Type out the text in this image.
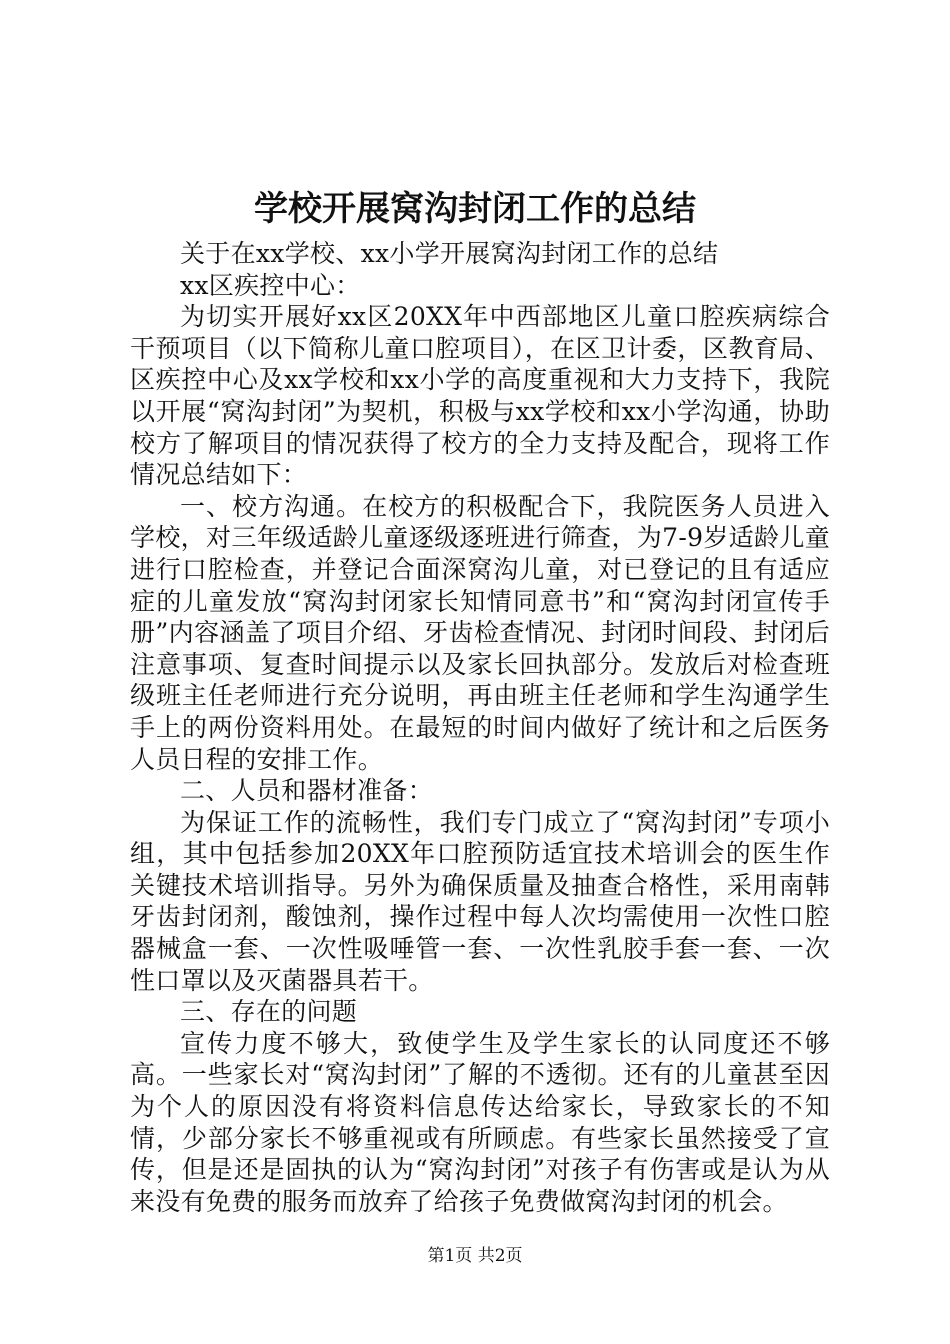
学校开展窝沟封闭工作的总结

关于在xx学校、xx小学开展窝沟封闭工作的总结

xx区疾控中心：

为切实开展好xx区20XX年中西部地区儿童口腔疾病综合干预项目（以下简称儿童口腔项目），在区卫计委，区教育局、区疾控中心及xx学校和xx小学的高度重视和大力支持下，我院以开展“窝沟封闭”为契机，积极与xx学校和xx小学沟通，协助校方了解项目的情况获得了校方的全力支持及配合，现将工作情况总结如下：

一、校方沟通。在校方的积极配合下，我院医务人员进入学校，对三年级适龄儿童逐级逐班进行筛查，为7-9岁适龄儿童进行口腔检查，并登记合面深窝沟儿童，对已登记的且有适应症的儿童发放“窝沟封闭家长知情同意书”和“窝沟封闭宣传手册”内容涵盖了项目介绍、牙齿检查情况、封闭时间段、封闭后注意事项、复查时间提示以及家长回执部分。发放后对检查班级班主任老师进行充分说明，再由班主任老师和学生沟通学生手上的两份资料用处。在最短的时间内做好了统计和之后医务人员日程的安排工作。

二、人员和器材准备：

为保证工作的流畅性，我们专门成立了“窝沟封闭”专项小组，其中包括参加20XX年口腔预防适宜技术培训会的医生作关键技术培训指导。另外为确保质量及抽查合格性，采用南韩牙齿封闭剂，酸蚀剂，操作过程中每人次均需使用一次性口腔器械盒一套、一次性吸唾管一套、一次性乳胶手套一套、一次性口罩以及灭菌器具若干。

三、存在的问题

宣传力度不够大，致使学生及学生家长的认同度还不够高。一些家长对“窝沟封闭”了解的不透彻。还有的儿童甚至因为个人的原因没有将资料信息传达给家长，导致家长的不知情，少部分家长不够重视或有所顾虑。有些家长虽然接受了宣传，但是还是固执的认为“窝沟封闭”对孩子有伤害或是认为从来没有免费的服务而放弃了给孩子免费做窝沟封闭的机会。

第1页 共2页
